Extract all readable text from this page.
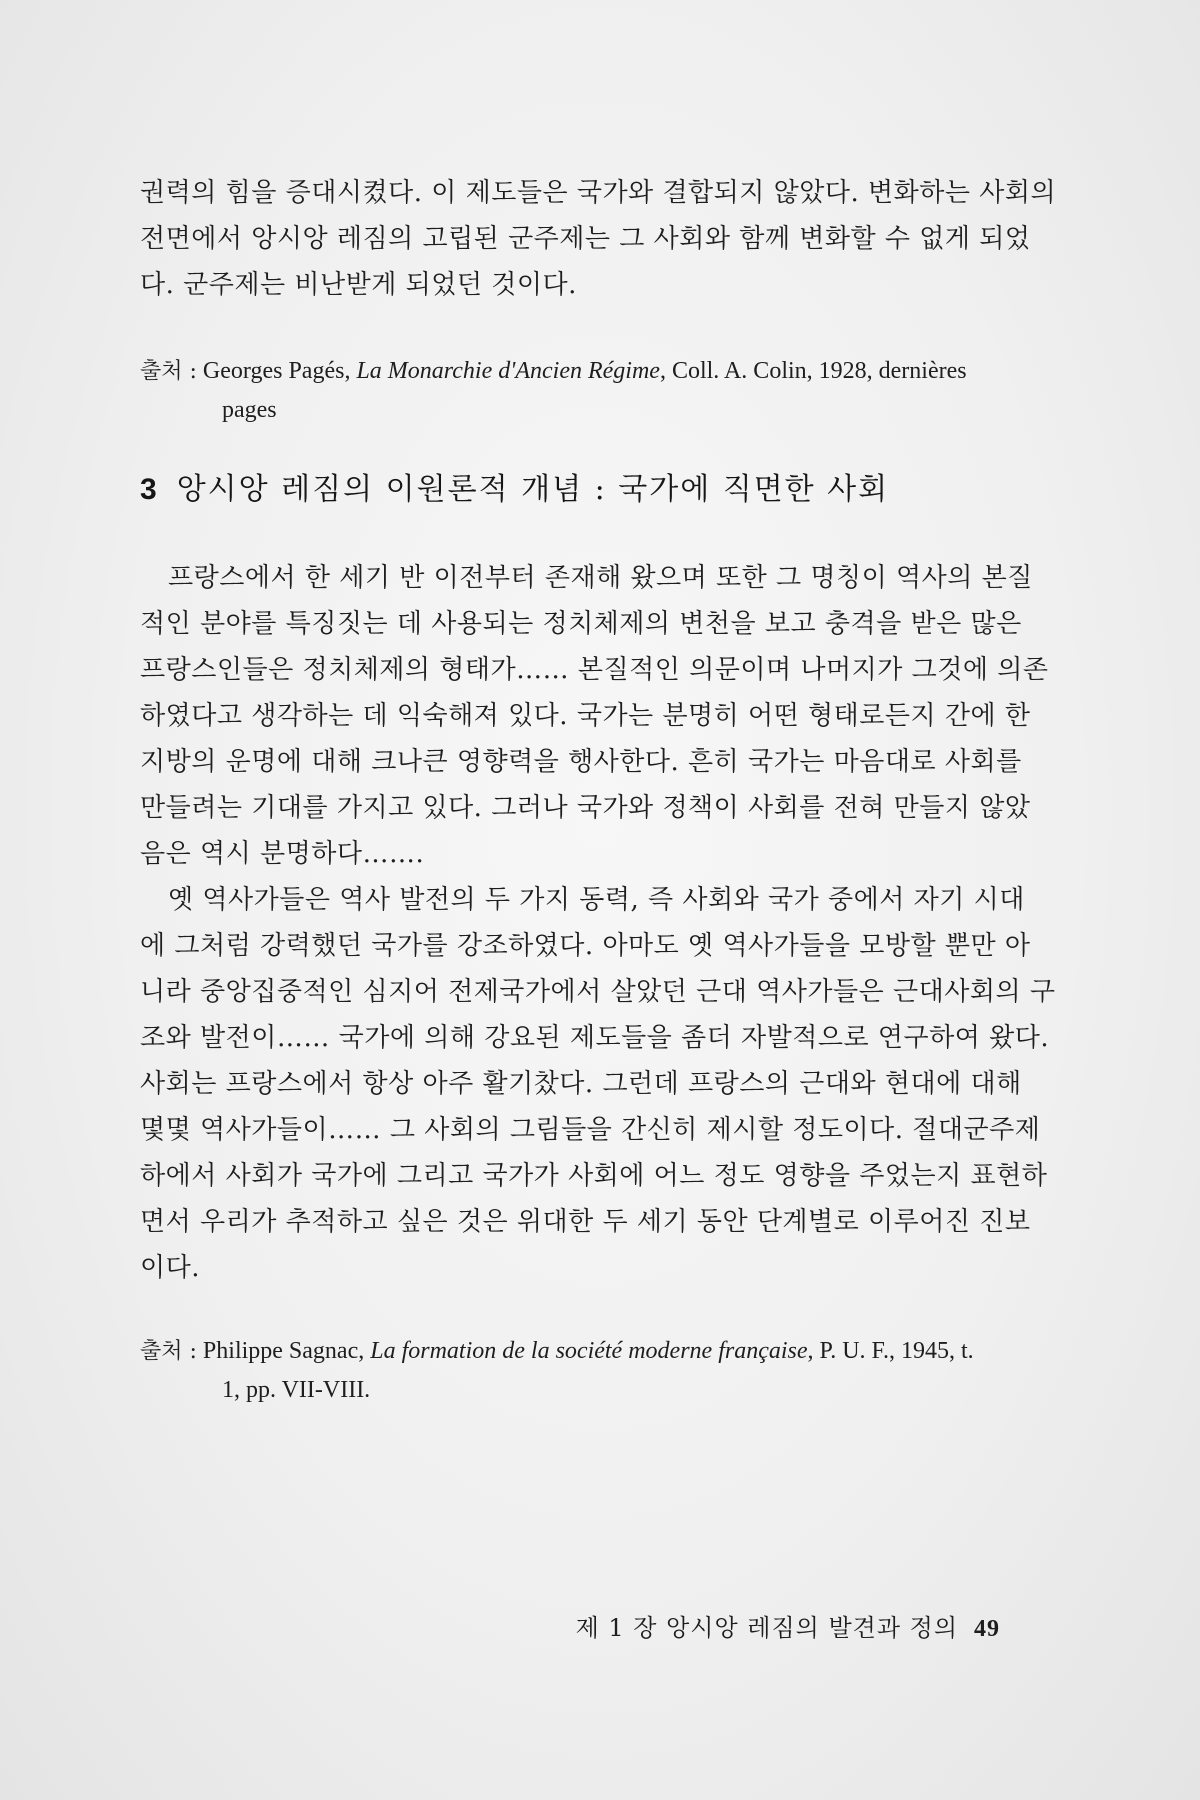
권력의 힘을 증대시켰다. 이 제도들은 국가와 결합되지 않았다. 변화하는 사회의
전면에서 앙시앙 레짐의 고립된 군주제는 그 사회와 함께 변화할 수 없게 되었
다. 군주제는 비난받게 되었던 것이다.
출처 : Georges Pagés, La Monarchie d'Ancien Régime, Coll. A. Colin, 1928, dernières
pages
3 앙시앙 레짐의 이원론적 개념 : 국가에 직면한 사회
프랑스에서 한 세기 반 이전부터 존재해 왔으며 또한 그 명칭이 역사의 본질
적인 분야를 특징짓는 데 사용되는 정치체제의 변천을 보고 충격을 받은 많은
프랑스인들은 정치체제의 형태가…… 본질적인 의문이며 나머지가 그것에 의존
하였다고 생각하는 데 익숙해져 있다. 국가는 분명히 어떤 형태로든지 간에 한
지방의 운명에 대해 크나큰 영향력을 행사한다. 흔히 국가는 마음대로 사회를
만들려는 기대를 가지고 있다. 그러나 국가와 정책이 사회를 전혀 만들지 않았
음은 역시 분명하다…….
옛 역사가들은 역사 발전의 두 가지 동력, 즉 사회와 국가 중에서 자기 시대
에 그처럼 강력했던 국가를 강조하였다. 아마도 옛 역사가들을 모방할 뿐만 아
니라 중앙집중적인 심지어 전제국가에서 살았던 근대 역사가들은 근대사회의 구
조와 발전이…… 국가에 의해 강요된 제도들을 좀더 자발적으로 연구하여 왔다.
사회는 프랑스에서 항상 아주 활기찼다. 그런데 프랑스의 근대와 현대에 대해
몇몇 역사가들이…… 그 사회의 그림들을 간신히 제시할 정도이다. 절대군주제
하에서 사회가 국가에 그리고 국가가 사회에 어느 정도 영향을 주었는지 표현하
면서 우리가 추적하고 싶은 것은 위대한 두 세기 동안 단계별로 이루어진 진보
이다.
출처 : Philippe Sagnac, La formation de la société moderne française, P. U. F., 1945, t.
1, pp. VII-VIII.
제 1 장 앙시앙 레짐의 발견과 정의 49
